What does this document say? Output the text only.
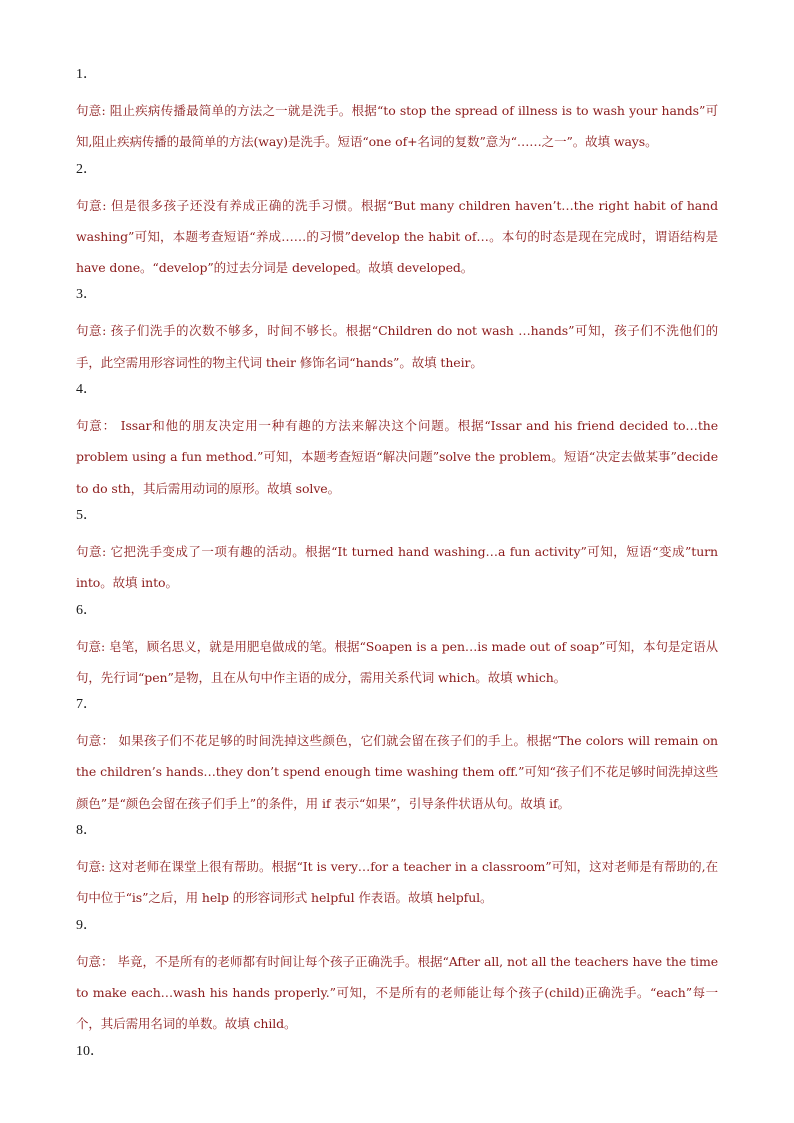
1．

句意: 阻止疾病传播最简单的方法之一就是洗手。根据“to stop the spread of illness is to wash your hands”可知,阻止疾病传播的最简单的方法(way)是洗手。短语“one of+名词的复数”意为“……之一”。故填 ways。

2．

句意: 但是很多孩子还没有养成正确的洗手习惯。根据“But many children haven’t…the right habit of hand washing”可知，本题考查短语“养成……的习惯”develop the habit of…。本句的时态是现在完成时，谓语结构是 have done。“develop”的过去分词是 developed。故填 developed。

3．

句意: 孩子们洗手的次数不够多，时间不够长。根据“Children do not wash …hands”可知，孩子们不洗他们的手，此空需用形容词性的物主代词 their 修饰名词“hands”。故填 their。

4．

句意： Issar和他的朋友决定用一种有趣的方法来解决这个问题。根据“Issar and his friend decided to…the problem using a fun method.”可知，本题考查短语“解决问题”solve the problem。短语“决定去做某事”decide to do sth，其后需用动词的原形。故填 solve。

5．

句意: 它把洗手变成了一项有趣的活动。根据“It turned hand washing…a fun activity”可知，短语“变成”turn into。故填 into。

6．

句意: 皂笔，顾名思义，就是用肥皂做成的笔。根据“Soapen is a pen…is made out of soap”可知，本句是定语从句，先行词“pen”是物，且在从句中作主语的成分，需用关系代词 which。故填 which。

7．

句意： 如果孩子们不花足够的时间洗掉这些颜色，它们就会留在孩子们的手上。根据“The colors will remain on the children’s hands…they don’t spend enough time washing them off.”可知“孩子们不花足够时间洗掉这些颜色”是“颜色会留在孩子们手上”的条件，用 if 表示“如果”，引导条件状语从句。故填 if。

8．

句意: 这对老师在课堂上很有帮助。根据“It is very…for a teacher in a classroom”可知，这对老师是有帮助的,在句中位于“is”之后，用 help 的形容词形式 helpful 作表语。故填 helpful。

9．

句意： 毕竟，不是所有的老师都有时间让每个孩子正确洗手。根据“After all, not all the teachers have the time to make each…wash his hands properly.”可知，不是所有的老师能让每个孩子(child)正确洗手。“each”每一个，其后需用名词的单数。故填 child。

10．
